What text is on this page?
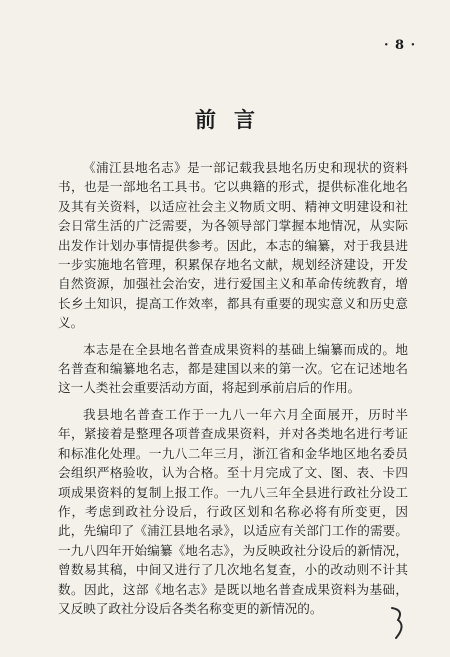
· 8 ·
前言

《浦江县地名志》是一部记载我县地名历史和现状的资料书，也是一部地名工具书。它以典籍的形式，提供标准化地名及其有关资料，以适应社会主义物质文明、精神文明建设和社会日常生活的广泛需要，为各领导部门掌握本地情况，从实际出发作计划办事情提供参考。因此，本志的编纂，对于我县进一步实施地名管理，积累保存地名文献，规划经济建设，开发自然资源，加强社会治安，进行爱国主义和革命传统教育，增长乡土知识，提高工作效率，都具有重要的现实意义和历史意义。

本志是在全县地名普查成果资料的基础上编纂而成的。地名普查和编纂地名志，都是建国以来的第一次。它在记述地名这一人类社会重要活动方面，将起到承前启后的作用。

我县地名普查工作于一九八一年六月全面展开，历时半年，紧接着是整理各项普查成果资料，并对各类地名进行考证和标准化处理。一九八二年三月，浙江省和金华地区地名委员会组织严格验收，认为合格。至十月完成了文、图、表、卡四项成果资料的复制上报工作。一九八三年全县进行政社分设工作，考虑到政社分设后，行政区划和名称必将有所变更，因此，先编印了《浦江县地名录》，以适应有关部门工作的需要。一九八四年开始编纂《地名志》，为反映政社分设后的新情况，曾数易其稿，中间又进行了几次地名复查，小的改动则不计其数。因此，这部《地名志》是既以地名普查成果资料为基础，又反映了政社分设后各类名称变更的新情况的。
